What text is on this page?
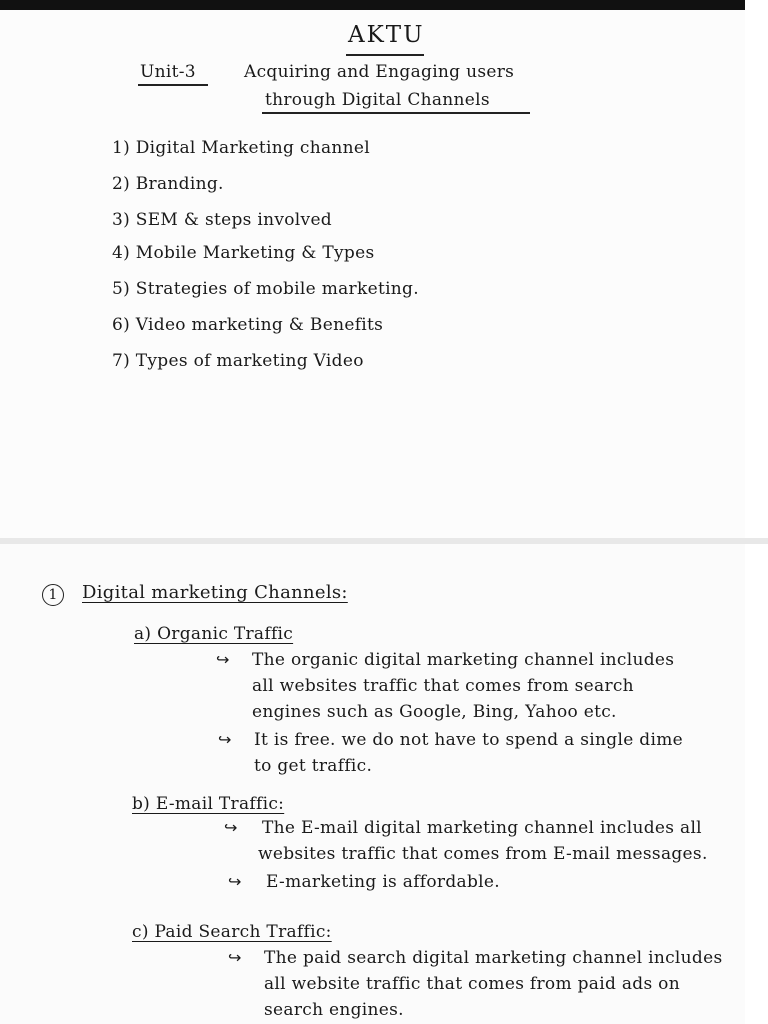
AKTU
Unit-3	Acquiring and Engaging users
through Digital Channels
1) Digital Marketing channel
2) Branding.
3) SEM & steps involved
4) Mobile Marketing & Types
5) Strategies of mobile marketing.
6) Video marketing & Benefits
7) Types of marketing Video
1	Digital marketing Channels:
a) Organic Traffic
↪ The organic digital marketing channel includes
all websites traffic that comes from search
engines such as Google, Bing, Yahoo etc.
↪ It is free. we do not have to spend a single dime
to get traffic.
b) E-mail Traffic:
↪ The E-mail digital marketing channel includes all
websites traffic that comes from E-mail messages.
↪ E-marketing is affordable.
c) Paid Search Traffic:
↪ The paid search digital marketing channel includes
all website traffic that comes from paid ads on
search engines.
